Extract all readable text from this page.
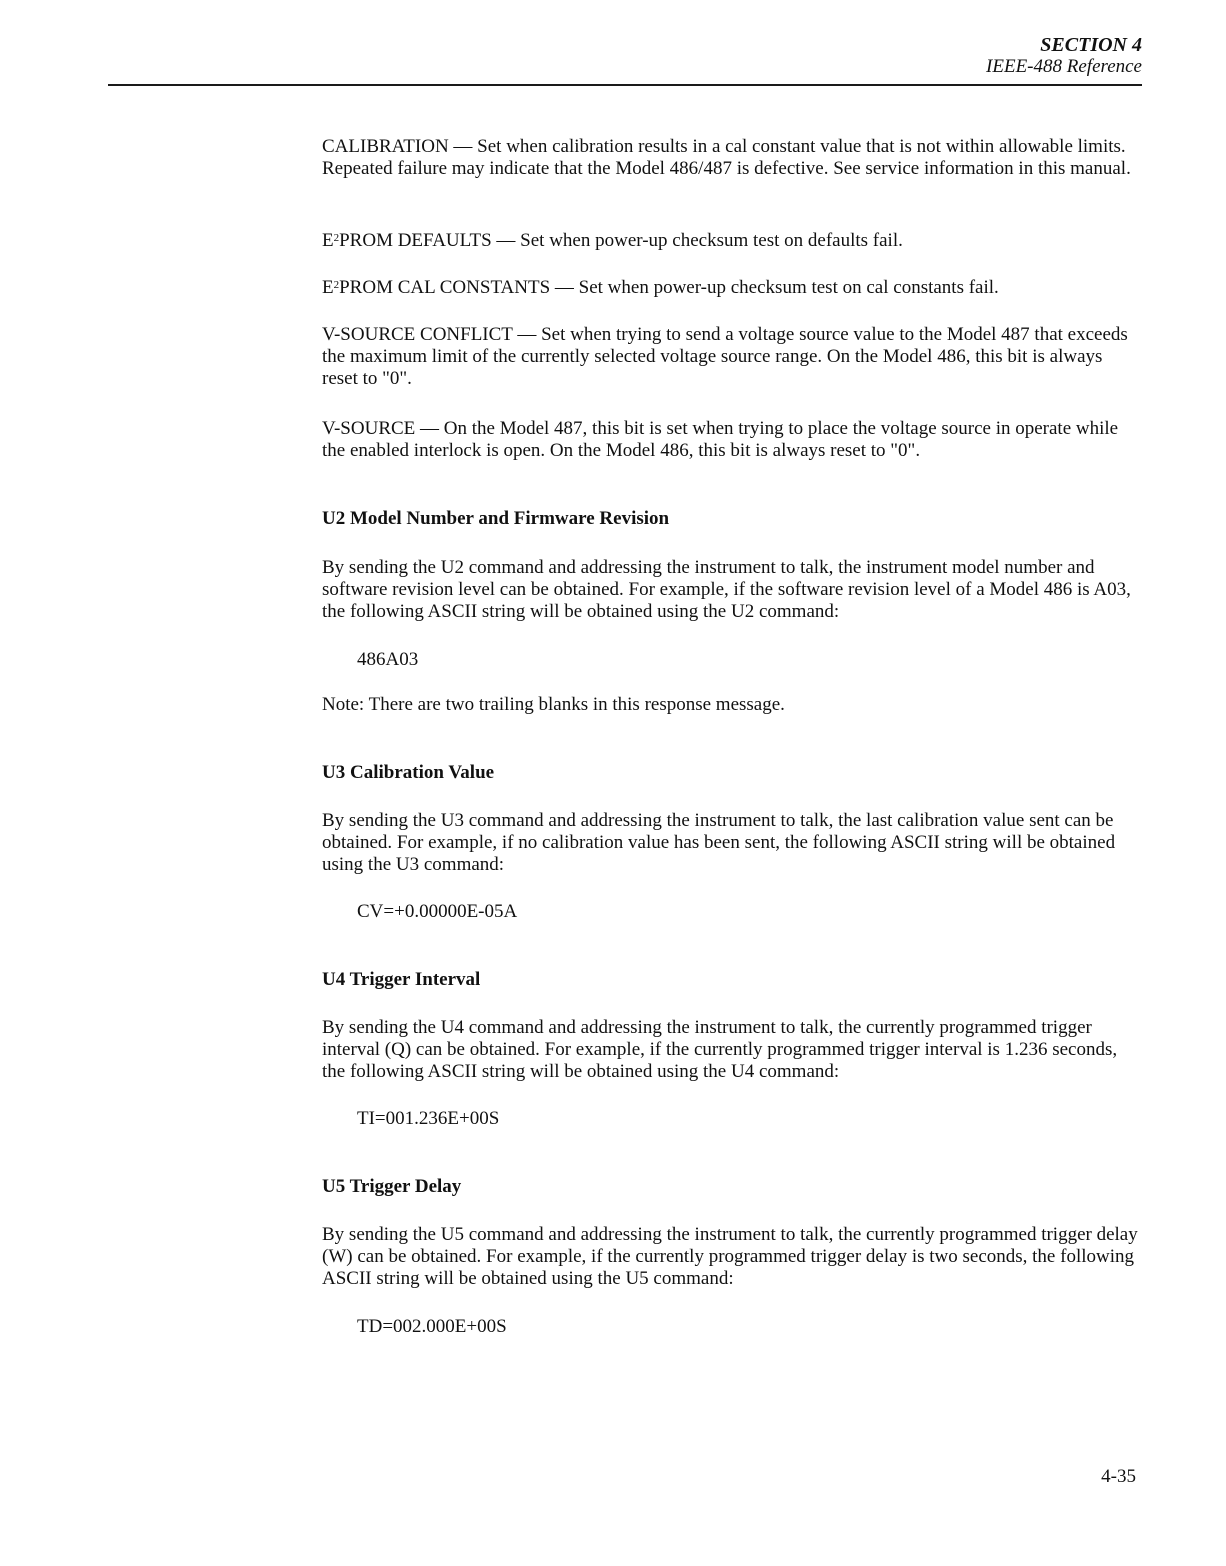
SECTION 4
IEEE-488 Reference

CALIBRATION — Set when calibration results in a cal constant value that is not within allowable limits. Repeated failure may indicate that the Model 486/487 is defective. See service information in this manual.

$E^2PROM$ DEFAULTS — Set when power-up checksum test on defaults fail.

$E^2PROM$ CAL CONSTANTS — Set when power-up checksum test on cal constants fail.

V-SOURCE CONFLICT — Set when trying to send a voltage source value to the Model 487 that exceeds the maximum limit of the currently selected voltage source range. On the Model 486, this bit is always reset to "0".

V-SOURCE — On the Model 487, this bit is set when trying to place the voltage source in operate while the enabled interlock is open. On the Model 486, this bit is always reset to "0".

U2 Model Number and Firmware Revision

By sending the U2 command and addressing the instrument to talk, the instrument model number and software revision level can be obtained. For example, if the software revision level of a Model 486 is A03, the following ASCII string will be obtained using the U2 command:

486A03

Note: There are two trailing blanks in this response message.

U3 Calibration Value

By sending the U3 command and addressing the instrument to talk, the last calibration value sent can be obtained. For example, if no calibration value has been sent, the following ASCII string will be obtained using the U3 command:

CV=+0.00000E-05A

U4 Trigger Interval

By sending the U4 command and addressing the instrument to talk, the currently programmed trigger interval (Q) can be obtained. For example, if the currently programmed trigger interval is 1.236 seconds, the following ASCII string will be obtained using the U4 command:

TI=001.236E+00S

U5 Trigger Delay

By sending the U5 command and addressing the instrument to talk, the currently programmed trigger delay (W) can be obtained. For example, if the currently programmed trigger delay is two seconds, the following ASCII string will be obtained using the U5 command:

TD=002.000E+00S

4-35
